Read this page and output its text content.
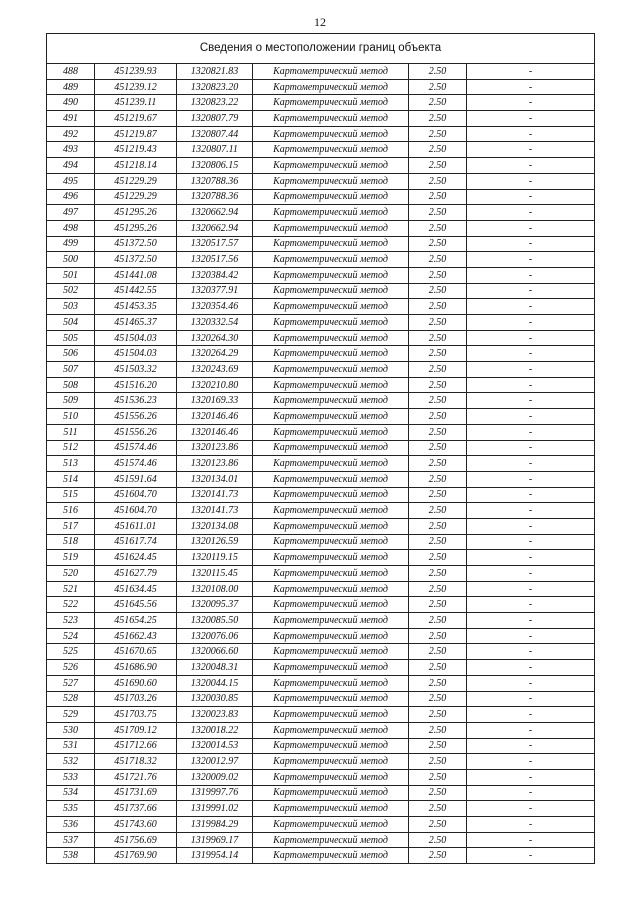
12
Сведения о местоположении границ объекта					
488	451239.93	1320821.83	Картометрический метод	2.50	-
489	451239.12	1320823.20	Картометрический метод	2.50	-
490	451239.11	1320823.22	Картометрический метод	2.50	-
491	451219.67	1320807.79	Картометрический метод	2.50	-
492	451219.87	1320807.44	Картометрический метод	2.50	-
493	451219.43	1320807.11	Картометрический метод	2.50	-
494	451218.14	1320806.15	Картометрический метод	2.50	-
495	451229.29	1320788.36	Картометрический метод	2.50	-
496	451229.29	1320788.36	Картометрический метод	2.50	-
497	451295.26	1320662.94	Картометрический метод	2.50	-
498	451295.26	1320662.94	Картометрический метод	2.50	-
499	451372.50	1320517.57	Картометрический метод	2.50	-
500	451372.50	1320517.56	Картометрический метод	2.50	-
501	451441.08	1320384.42	Картометрический метод	2.50	-
502	451442.55	1320377.91	Картометрический метод	2.50	-
503	451453.35	1320354.46	Картометрический метод	2.50	-
504	451465.37	1320332.54	Картометрический метод	2.50	-
505	451504.03	1320264.30	Картометрический метод	2.50	-
506	451504.03	1320264.29	Картометрический метод	2.50	-
507	451503.32	1320243.69	Картометрический метод	2.50	-
508	451516.20	1320210.80	Картометрический метод	2.50	-
509	451536.23	1320169.33	Картометрический метод	2.50	-
510	451556.26	1320146.46	Картометрический метод	2.50	-
511	451556.26	1320146.46	Картометрический метод	2.50	-
512	451574.46	1320123.86	Картометрический метод	2.50	-
513	451574.46	1320123.86	Картометрический метод	2.50	-
514	451591.64	1320134.01	Картометрический метод	2.50	-
515	451604.70	1320141.73	Картометрический метод	2.50	-
516	451604.70	1320141.73	Картометрический метод	2.50	-
517	451611.01	1320134.08	Картометрический метод	2.50	-
518	451617.74	1320126.59	Картометрический метод	2.50	-
519	451624.45	1320119.15	Картометрический метод	2.50	-
520	451627.79	1320115.45	Картометрический метод	2.50	-
521	451634.45	1320108.00	Картометрический метод	2.50	-
522	451645.56	1320095.37	Картометрический метод	2.50	-
523	451654.25	1320085.50	Картометрический метод	2.50	-
524	451662.43	1320076.06	Картометрический метод	2.50	-
525	451670.65	1320066.60	Картометрический метод	2.50	-
526	451686.90	1320048.31	Картометрический метод	2.50	-
527	451690.60	1320044.15	Картометрический метод	2.50	-
528	451703.26	1320030.85	Картометрический метод	2.50	-
529	451703.75	1320023.83	Картометрический метод	2.50	-
530	451709.12	1320018.22	Картометрический метод	2.50	-
531	451712.66	1320014.53	Картометрический метод	2.50	-
532	451718.32	1320012.97	Картометрический метод	2.50	-
533	451721.76	1320009.02	Картометрический метод	2.50	-
534	451731.69	1319997.76	Картометрический метод	2.50	-
535	451737.66	1319991.02	Картометрический метод	2.50	-
536	451743.60	1319984.29	Картометрический метод	2.50	-
537	451756.69	1319969.17	Картометрический метод	2.50	-
538	451769.90	1319954.14	Картометрический метод	2.50	-
